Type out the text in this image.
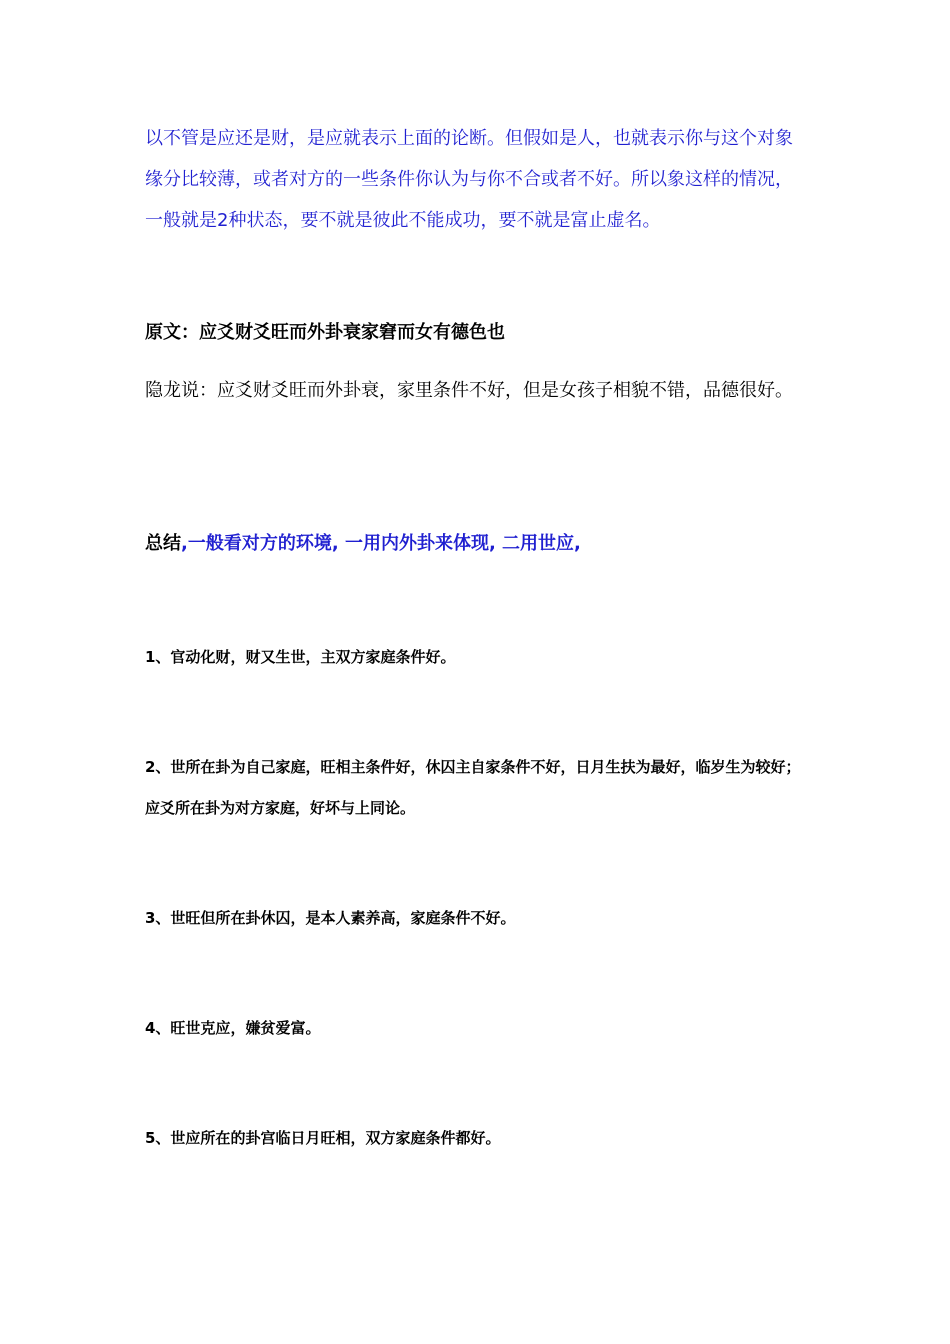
以不管是应还是财，是应就表示上面的论断。但假如是人，也就表示你与这个对象缘分比较薄，或者对方的一些条件你认为与你不合或者不好。所以象这样的情况，一般就是2种状态，要不就是彼此不能成功，要不就是富止虚名。

原文：应爻财爻旺而外卦衰家窘而女有德色也

隐龙说：应爻财爻旺而外卦衰，家里条件不好，但是女孩子相貌不错，品德很好。

总结,一般看对方的环境, 一用内外卦来体现, 二用世应,

1、官动化财，财又生世，主双方家庭条件好。

2、世所在卦为自己家庭，旺相主条件好，休囚主自家条件不好，日月生扶为最好，临岁生为较好；应爻所在卦为对方家庭，好坏与上同论。

3、世旺但所在卦休囚，是本人素养高，家庭条件不好。

4、旺世克应，嫌贫爱富。

5、世应所在的卦宫临日月旺相，双方家庭条件都好。
